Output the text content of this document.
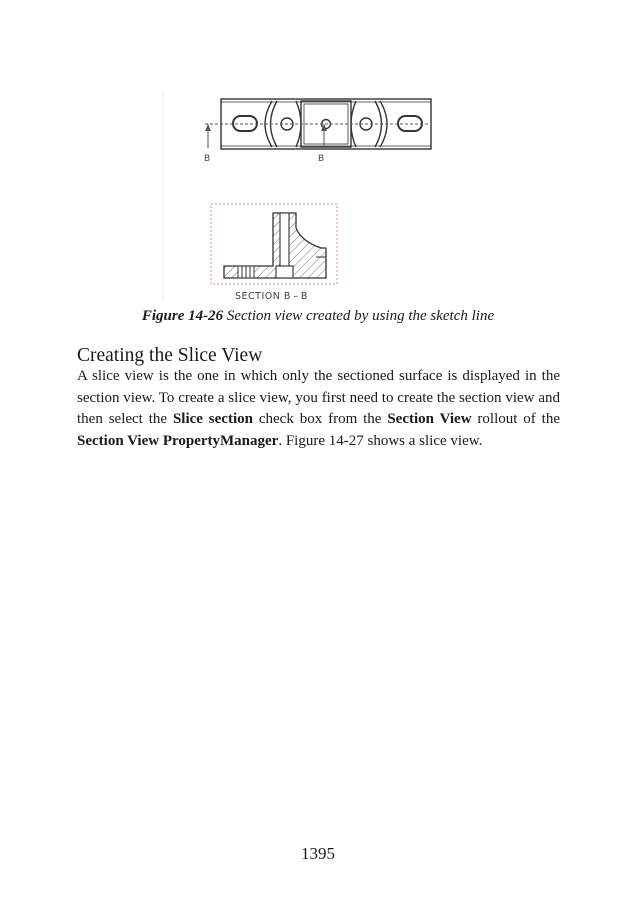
B	B
SECTION B – B
Figure 14-26 Section view created by using the sketch line
Creating the Slice View

A slice view is the one in which only the sectioned surface is displayed in the section view. To create a slice view, you first need to create the section view and then select the Slice section check box from the Section View rollout of the Section View PropertyManager. Figure 14-27 shows a slice view.

1395
